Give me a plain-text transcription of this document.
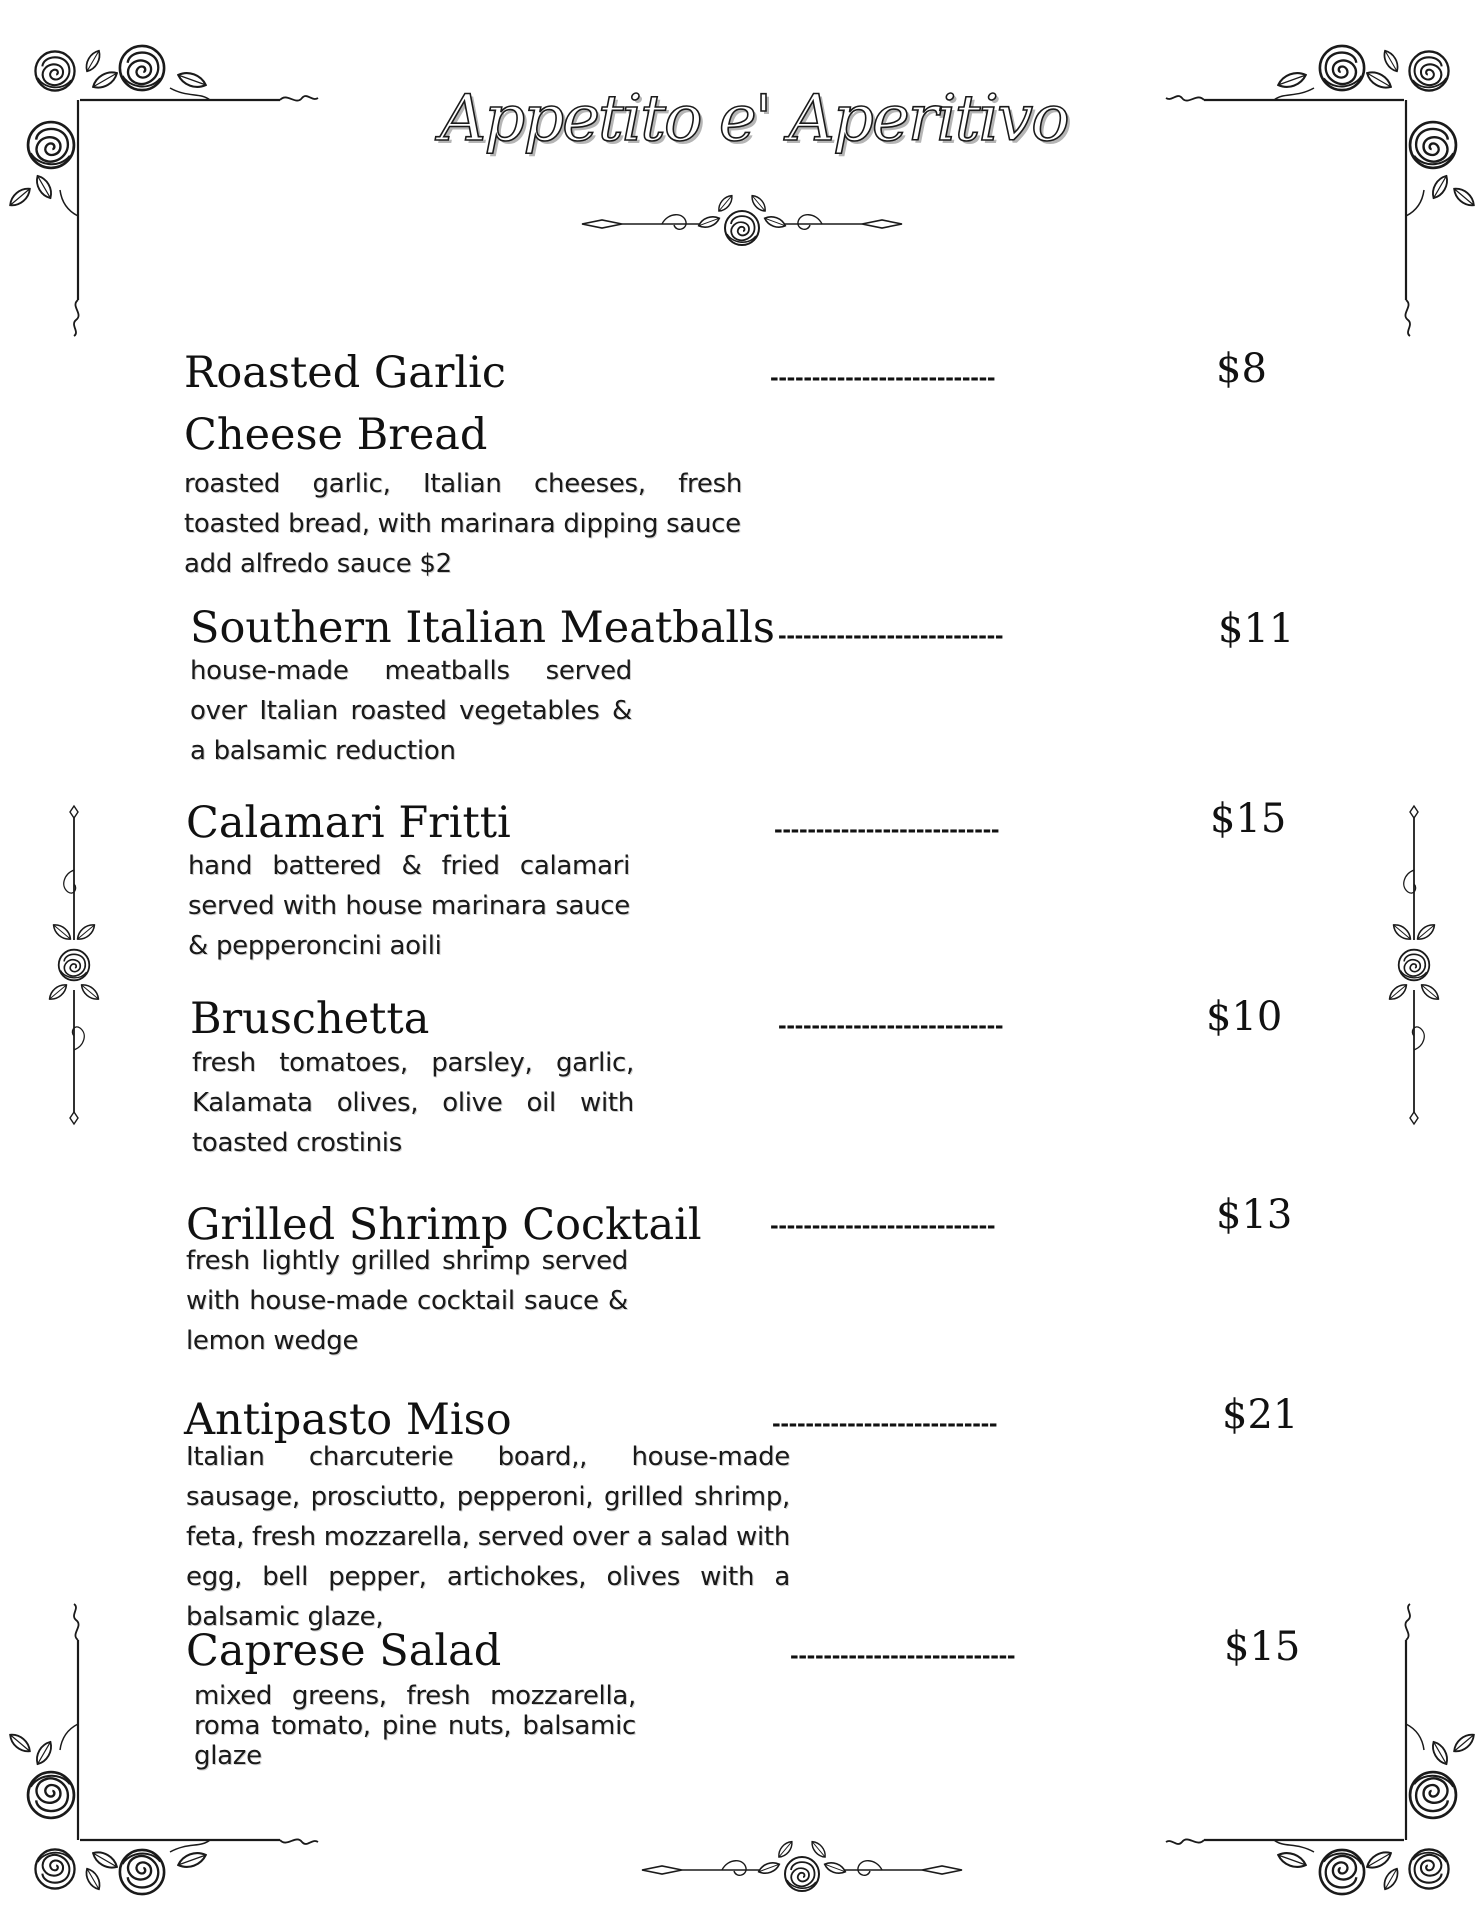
Appetito e' Aperitivo
Roasted Garlic Cheese Bread
---------------------------	$8
roasted garlic, Italian cheeses, fresh toasted bread, with marinara dipping sauce
add alfredo sauce $2
Southern Italian Meatballs ---------------------------	$11
house-made meatballs served over Italian roasted vegetables & a balsamic reduction
Calamari Fritti	---------------------------	$15
hand battered & fried calamari served with house marinara sauce & pepperoncini aoili
Bruschetta	---------------------------	$10
fresh tomatoes, parsley, garlic, Kalamata olives, olive oil with toasted crostinis
Grilled Shrimp Cocktail	---------------------------	$13
fresh lightly grilled shrimp served with house-made cocktail sauce & lemon wedge
Antipasto Miso	---------------------------	$21
Italian charcuterie board,, house-made sausage, prosciutto, pepperoni, grilled shrimp, feta, fresh mozzarella, served over a salad with egg, bell pepper, artichokes, olives with a balsamic glaze,
Caprese Salad	---------------------------	$15
mixed greens, fresh mozzarella, roma tomato, pine nuts, balsamic glaze
